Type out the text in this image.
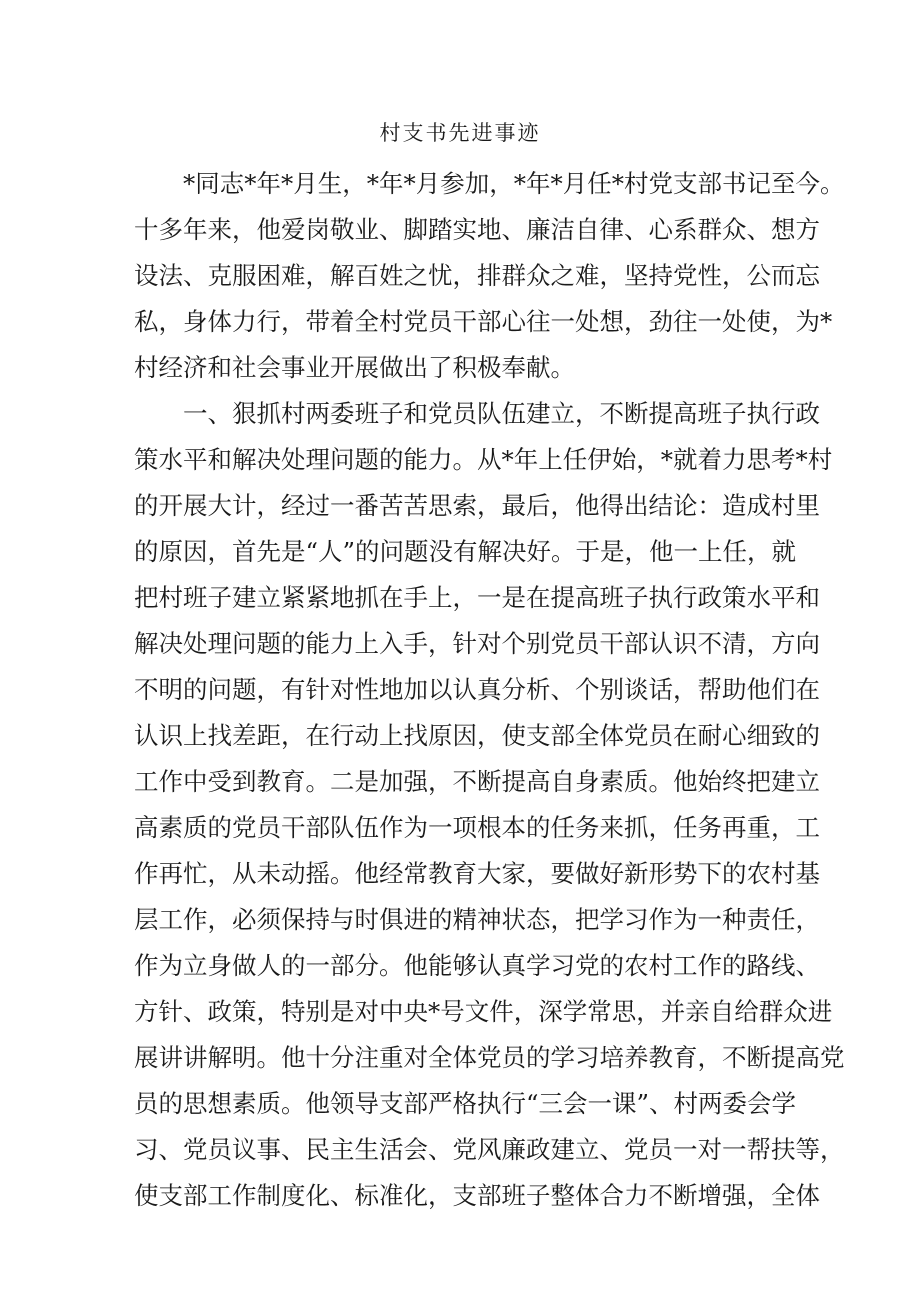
村支书先进事迹
*同志*年*月生，*年*月参加，*年*月任*村党支部书记至今。
十多年来，他爱岗敬业、脚踏实地、廉洁自律、心系群众、想方
设法、克服困难，解百姓之忧，排群众之难，坚持党性，公而忘
私，身体力行，带着全村党员干部心往一处想，劲往一处使，为*
村经济和社会事业开展做出了积极奉献。
一、狠抓村两委班子和党员队伍建立，不断提高班子执行政
策水平和解决处理问题的能力。从*年上任伊始，*就着力思考*村
的开展大计，经过一番苦苦思索，最后，他得出结论：造成村里
的原因，首先是“人”的问题没有解决好。于是，他一上任，就
把村班子建立紧紧地抓在手上，一是在提高班子执行政策水平和
解决处理问题的能力上入手，针对个别党员干部认识不清，方向
不明的问题，有针对性地加以认真分析、个别谈话，帮助他们在
认识上找差距，在行动上找原因，使支部全体党员在耐心细致的
工作中受到教育。二是加强，不断提高自身素质。他始终把建立
高素质的党员干部队伍作为一项根本的任务来抓，任务再重，工
作再忙，从未动摇。他经常教育大家，要做好新形势下的农村基
层工作，必须保持与时俱进的精神状态，把学习作为一种责任，
作为立身做人的一部分。他能够认真学习党的农村工作的路线、
方针、政策，特别是对中央*号文件，深学常思，并亲自给群众进
展讲讲解明。他十分注重对全体党员的学习培养教育，不断提高党
员的思想素质。他领导支部严格执行“三会一课”、村两委会学
习、党员议事、民主生活会、党风廉政建立、党员一对一帮扶等，
使支部工作制度化、标准化，支部班子整体合力不断增强，全体
